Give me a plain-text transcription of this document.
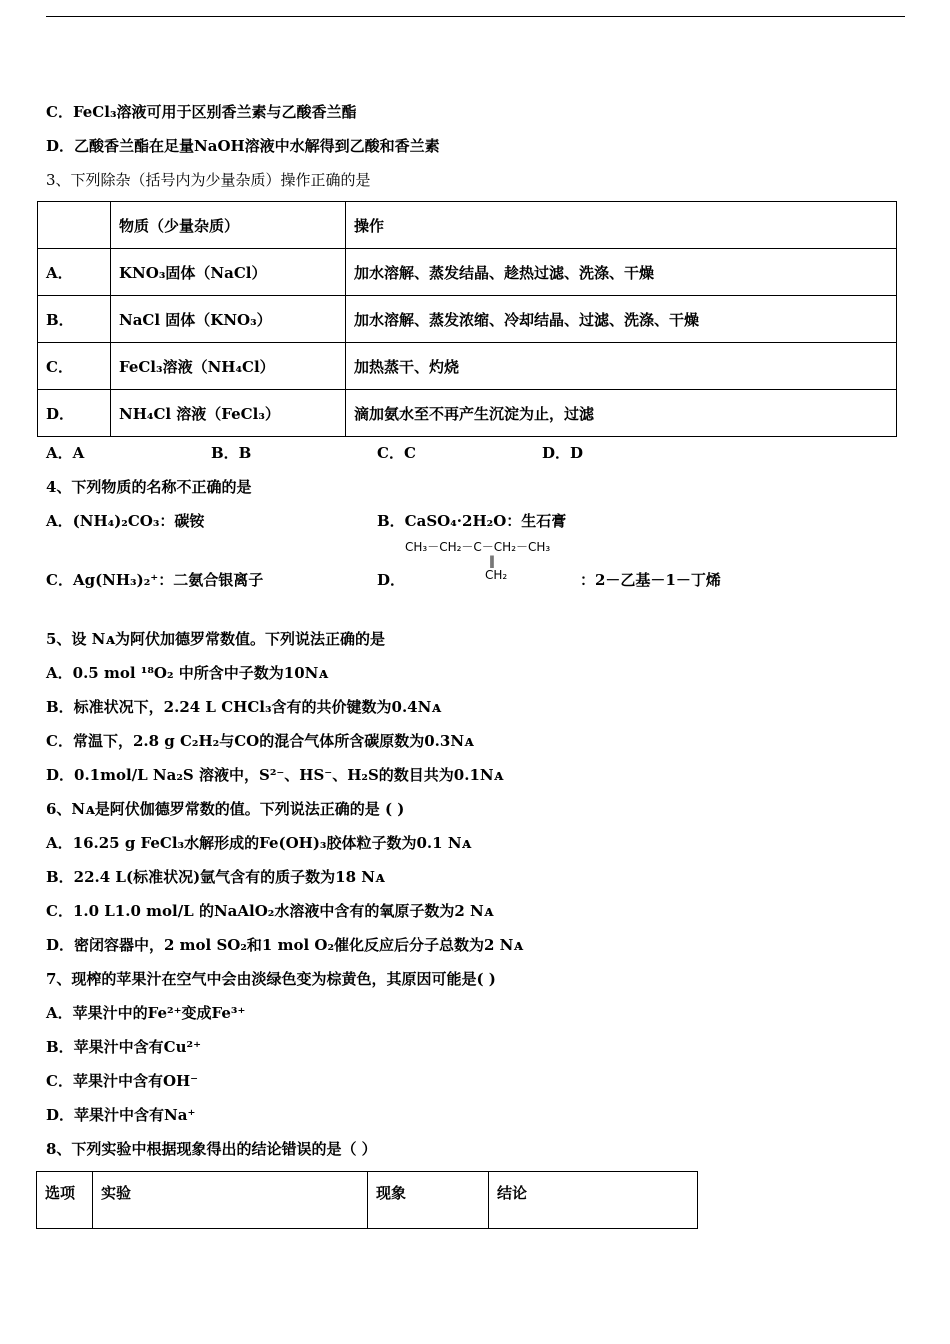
C．FeCl₃溶液可用于区别香兰素与乙酸香兰酯
D．乙酸香兰酯在足量NaOH溶液中水解得到乙酸和香兰素
3、下列除杂（括号内为少量杂质）操作正确的是
	物质（少量杂质）	操作
A．	KNO₃固体（NaCl）	加水溶解、蒸发结晶、趁热过滤、洗涤、干燥
B．	NaCl 固体（KNO₃）	加水溶解、蒸发浓缩、冷却结晶、过滤、洗涤、干燥
C．	FeCl₃溶液（NH₄Cl）	加热蒸干、灼烧
D．	NH₄Cl 溶液（FeCl₃）	滴加氨水至不再产生沉淀为止，过滤
A．A	B．B	C．C	D．D
4、下列物质的名称不正确的是
A．(NH₄)₂CO₃：碳铵	B．CaSO₄·2H₂O：生石膏
CH₃－CH₂－C－CH₂－CH₃
‖
CH₂
C．Ag(NH₃)₂⁺：二氨合银离子	D．	：2－乙基－1－丁烯
5、设 Nᴀ为阿伏加德罗常数值。下列说法正确的是
A．0.5 mol ¹⁸O₂ 中所含中子数为10Nᴀ
B．标准状况下，2.24 L CHCl₃含有的共价键数为0.4Nᴀ
C．常温下，2.8 g C₂H₂与CO的混合气体所含碳原数为0.3Nᴀ
D．0.1mol/L Na₂S 溶液中，S²⁻、HS⁻、H₂S的数目共为0.1Nᴀ
6、Nᴀ是阿伏伽德罗常数的值。下列说法正确的是 ( )
A．16.25 g FeCl₃水解形成的Fe(OH)₃胶体粒子数为0.1 Nᴀ
B．22.4 L(标准状况)氩气含有的质子数为18 Nᴀ
C．1.0 L1.0 mol/L 的NaAlO₂水溶液中含有的氧原子数为2 Nᴀ
D．密闭容器中，2 mol SO₂和1 mol O₂催化反应后分子总数为2 Nᴀ
7、现榨的苹果汁在空气中会由淡绿色变为棕黄色，其原因可能是( )
A．苹果汁中的Fe²⁺变成Fe³⁺
B．苹果汁中含有Cu²⁺
C．苹果汁中含有OH⁻
D．苹果汁中含有Na⁺
8、下列实验中根据现象得出的结论错误的是（ ）
选项	实验	现象	结论
